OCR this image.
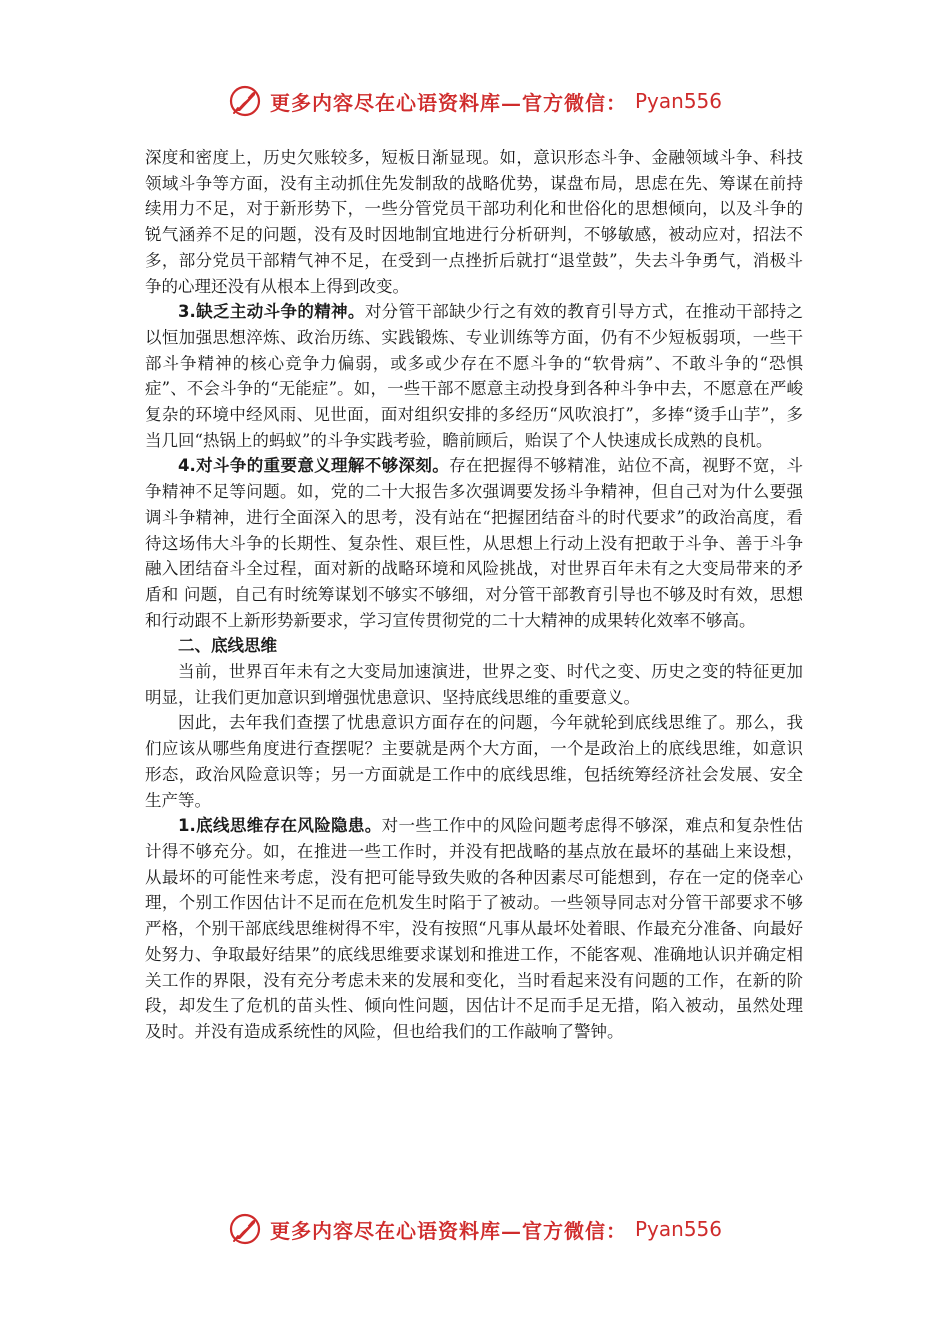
更多内容尽在心语资料库—官方微信： Pyan556

深度和密度上，历史欠账较多，短板日渐显现。如，意识形态斗争、金融领域斗争、科技领域斗争等方面，没有主动抓住先发制敌的战略优势，谋盘布局，思虑在先、筹谋在前持续用力不足，对于新形势下，一些分管党员干部功利化和世俗化的思想倾向，以及斗争的锐气涵养不足的问题，没有及时因地制宜地进行分析研判，不够敏感，被动应对，招法不多，部分党员干部精气神不足，在受到一点挫折后就打“退堂鼓”，失去斗争勇气，消极斗争的心理还没有从根本上得到改变。

3.缺乏主动斗争的精神。对分管干部缺少行之有效的教育引导方式，在推动干部持之以恒加强思想淬炼、政治历练、实践锻炼、专业训练等方面，仍有不少短板弱项，一些干部斗争精神的核心竞争力偏弱，或多或少存在不愿斗争的“软骨病”、不敢斗争的“恐惧症”、不会斗争的“无能症”。如，一些干部不愿意主动投身到各种斗争中去，不愿意在严峻复杂的环境中经风雨、见世面，面对组织安排的多经历“风吹浪打”，多捧“烫手山芋”，多当几回“热锅上的蚂蚁”的斗争实践考验，瞻前顾后，贻误了个人快速成长成熟的良机。

4.对斗争的重要意义理解不够深刻。存在把握得不够精准，站位不高，视野不宽，斗争精神不足等问题。如，党的二十大报告多次强调要发扬斗争精神，但自己对为什么要强调斗争精神，进行全面深入的思考，没有站在“把握团结奋斗的时代要求”的政治高度，看待这场伟大斗争的长期性、复杂性、艰巨性，从思想上行动上没有把敢于斗争、善于斗争融入团结奋斗全过程，面对新的战略环境和风险挑战，对世界百年未有之大变局带来的矛盾和 问题，自己有时统筹谋划不够实不够细，对分管干部教育引导也不够及时有效，思想和行动跟不上新形势新要求，学习宣传贯彻党的二十大精神的成果转化效率不够高。

二、底线思维

当前，世界百年未有之大变局加速演进，世界之变、时代之变、历史之变的特征更加明显，让我们更加意识到增强忧患意识、坚持底线思维的重要意义。

因此，去年我们查摆了忧患意识方面存在的问题，今年就轮到底线思维了。那么，我们应该从哪些角度进行查摆呢？主要就是两个大方面，一个是政治上的底线思维，如意识形态，政治风险意识等；另一方面就是工作中的底线思维，包括统筹经济社会发展、安全生产等。

1.底线思维存在风险隐患。对一些工作中的风险问题考虑得不够深，难点和复杂性估计得不够充分。如，在推进一些工作时，并没有把战略的基点放在最坏的基础上来设想，从最坏的可能性来考虑，没有把可能导致失败的各种因素尽可能想到，存在一定的侥幸心理，个别工作因估计不足而在危机发生时陷于了被动。一些领导同志对分管干部要求不够严格，个别干部底线思维树得不牢，没有按照“凡事从最坏处着眼、作最充分准备、向最好处努力、争取最好结果”的底线思维要求谋划和推进工作，不能客观、准确地认识并确定相关工作的界限，没有充分考虑未来的发展和变化，当时看起来没有问题的工作，在新的阶段，却发生了危机的苗头性、倾向性问题，因估计不足而手足无措，陷入被动，虽然处理及时。并没有造成系统性的风险，但也给我们的工作敲响了警钟。

更多内容尽在心语资料库—官方微信： Pyan556
